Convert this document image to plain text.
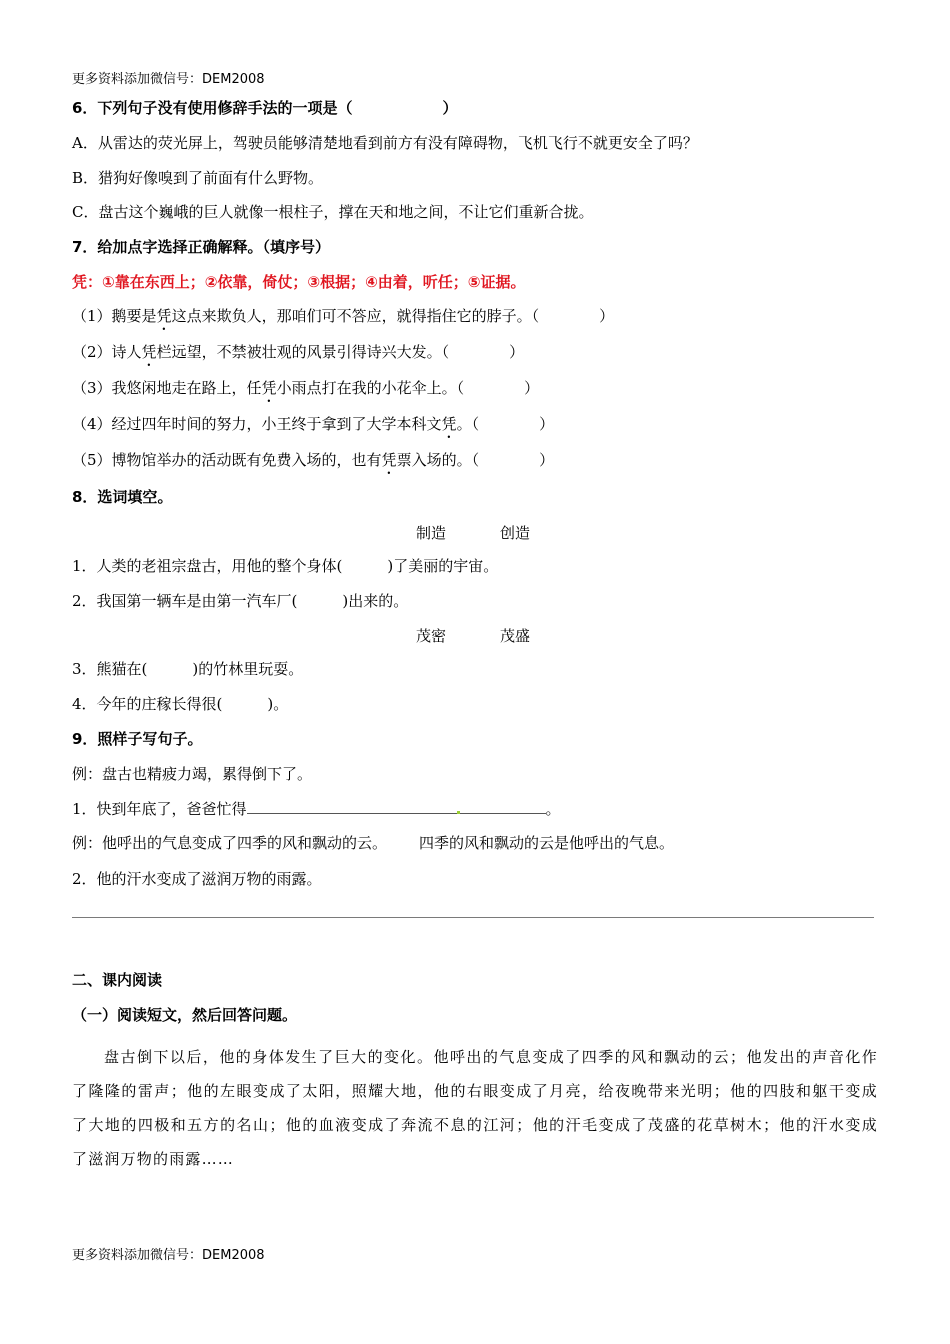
更多资料添加微信号：DEM2008
6．下列句子没有使用修辞手法的一项是（　　　　　　）
A．从雷达的荧光屏上，驾驶员能够清楚地看到前方有没有障碍物，飞机飞行不就更安全了吗？
B．猎狗好像嗅到了前面有什么野物。
C．盘古这个巍峨的巨人就像一根柱子，撑在天和地之间，不让它们重新合拢。
7．给加点字选择正确解释。（填序号）
凭：①靠在东西上；②依靠，倚仗；③根据；④由着，听任；⑤证据。
（1）鹅要是凭这点来欺负人，那咱们可不答应，就得指住它的脖子。（　　　　）
（2）诗人凭栏远望，不禁被壮观的风景引得诗兴大发。（　　　　）
（3）我悠闲地走在路上，任凭小雨点打在我的小花伞上。（　　　　）
（4）经过四年时间的努力，小王终于拿到了大学本科文凭。（　　　　）
（5）博物馆举办的活动既有免费入场的，也有凭票入场的。（　　　　）
8．选词填空。
制造	创造
1．人类的老祖宗盘古，用他的整个身体(　　　)了美丽的宇宙。
2．我国第一辆车是由第一汽车厂(　　　)出来的。
茂密	茂盛
3．熊猫在(　　　)的竹林里玩耍。
4．今年的庄稼长得很(　　　)。
9．照样子写句子。
例：盘古也精疲力竭，累得倒下了。
1．快到年底了，爸爸忙得	。
例：他呼出的气息变成了四季的风和飘动的云。 四季的风和飘动的云是他呼出的气息。
2．他的汗水变成了滋润万物的雨露。
二、课内阅读
（一）阅读短文，然后回答问题。
盘古倒下以后，他的身体发生了巨大的变化。他呼出的气息变成了四季的风和飘动的云；他发出的声音化作了隆隆的雷声；他的左眼变成了太阳，照耀大地，他的右眼变成了月亮，给夜晚带来光明；他的四肢和躯干变成了大地的四极和五方的名山；他的血液变成了奔流不息的江河；他的汗毛变成了茂盛的花草树木；他的汗水变成了滋润万物的雨露……
更多资料添加微信号：DEM2008
